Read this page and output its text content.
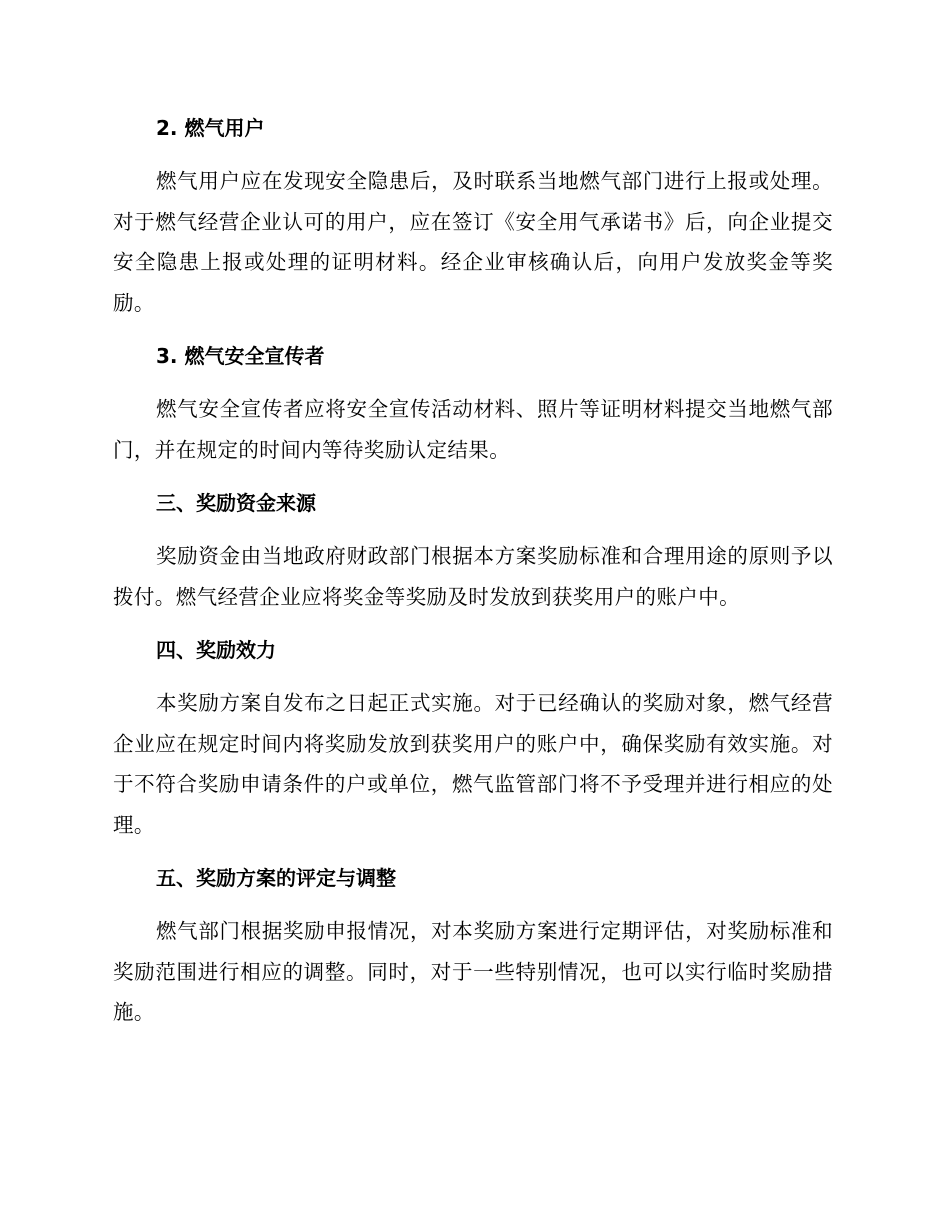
2. 燃气用户

燃气用户应在发现安全隐患后，及时联系当地燃气部门进行上报或处理。对于燃气经营企业认可的用户，应在签订《安全用气承诺书》后，向企业提交安全隐患上报或处理的证明材料。经企业审核确认后，向用户发放奖金等奖励。

3. 燃气安全宣传者

燃气安全宣传者应将安全宣传活动材料、照片等证明材料提交当地燃气部门，并在规定的时间内等待奖励认定结果。

三、奖励资金来源

奖励资金由当地政府财政部门根据本方案奖励标准和合理用途的原则予以拨付。燃气经营企业应将奖金等奖励及时发放到获奖用户的账户中。

四、奖励效力

本奖励方案自发布之日起正式实施。对于已经确认的奖励对象，燃气经营企业应在规定时间内将奖励发放到获奖用户的账户中，确保奖励有效实施。对于不符合奖励申请条件的户或单位，燃气监管部门将不予受理并进行相应的处理。

五、奖励方案的评定与调整

燃气部门根据奖励申报情况，对本奖励方案进行定期评估，对奖励标准和奖励范围进行相应的调整。同时，对于一些特别情况，也可以实行临时奖励措施。
